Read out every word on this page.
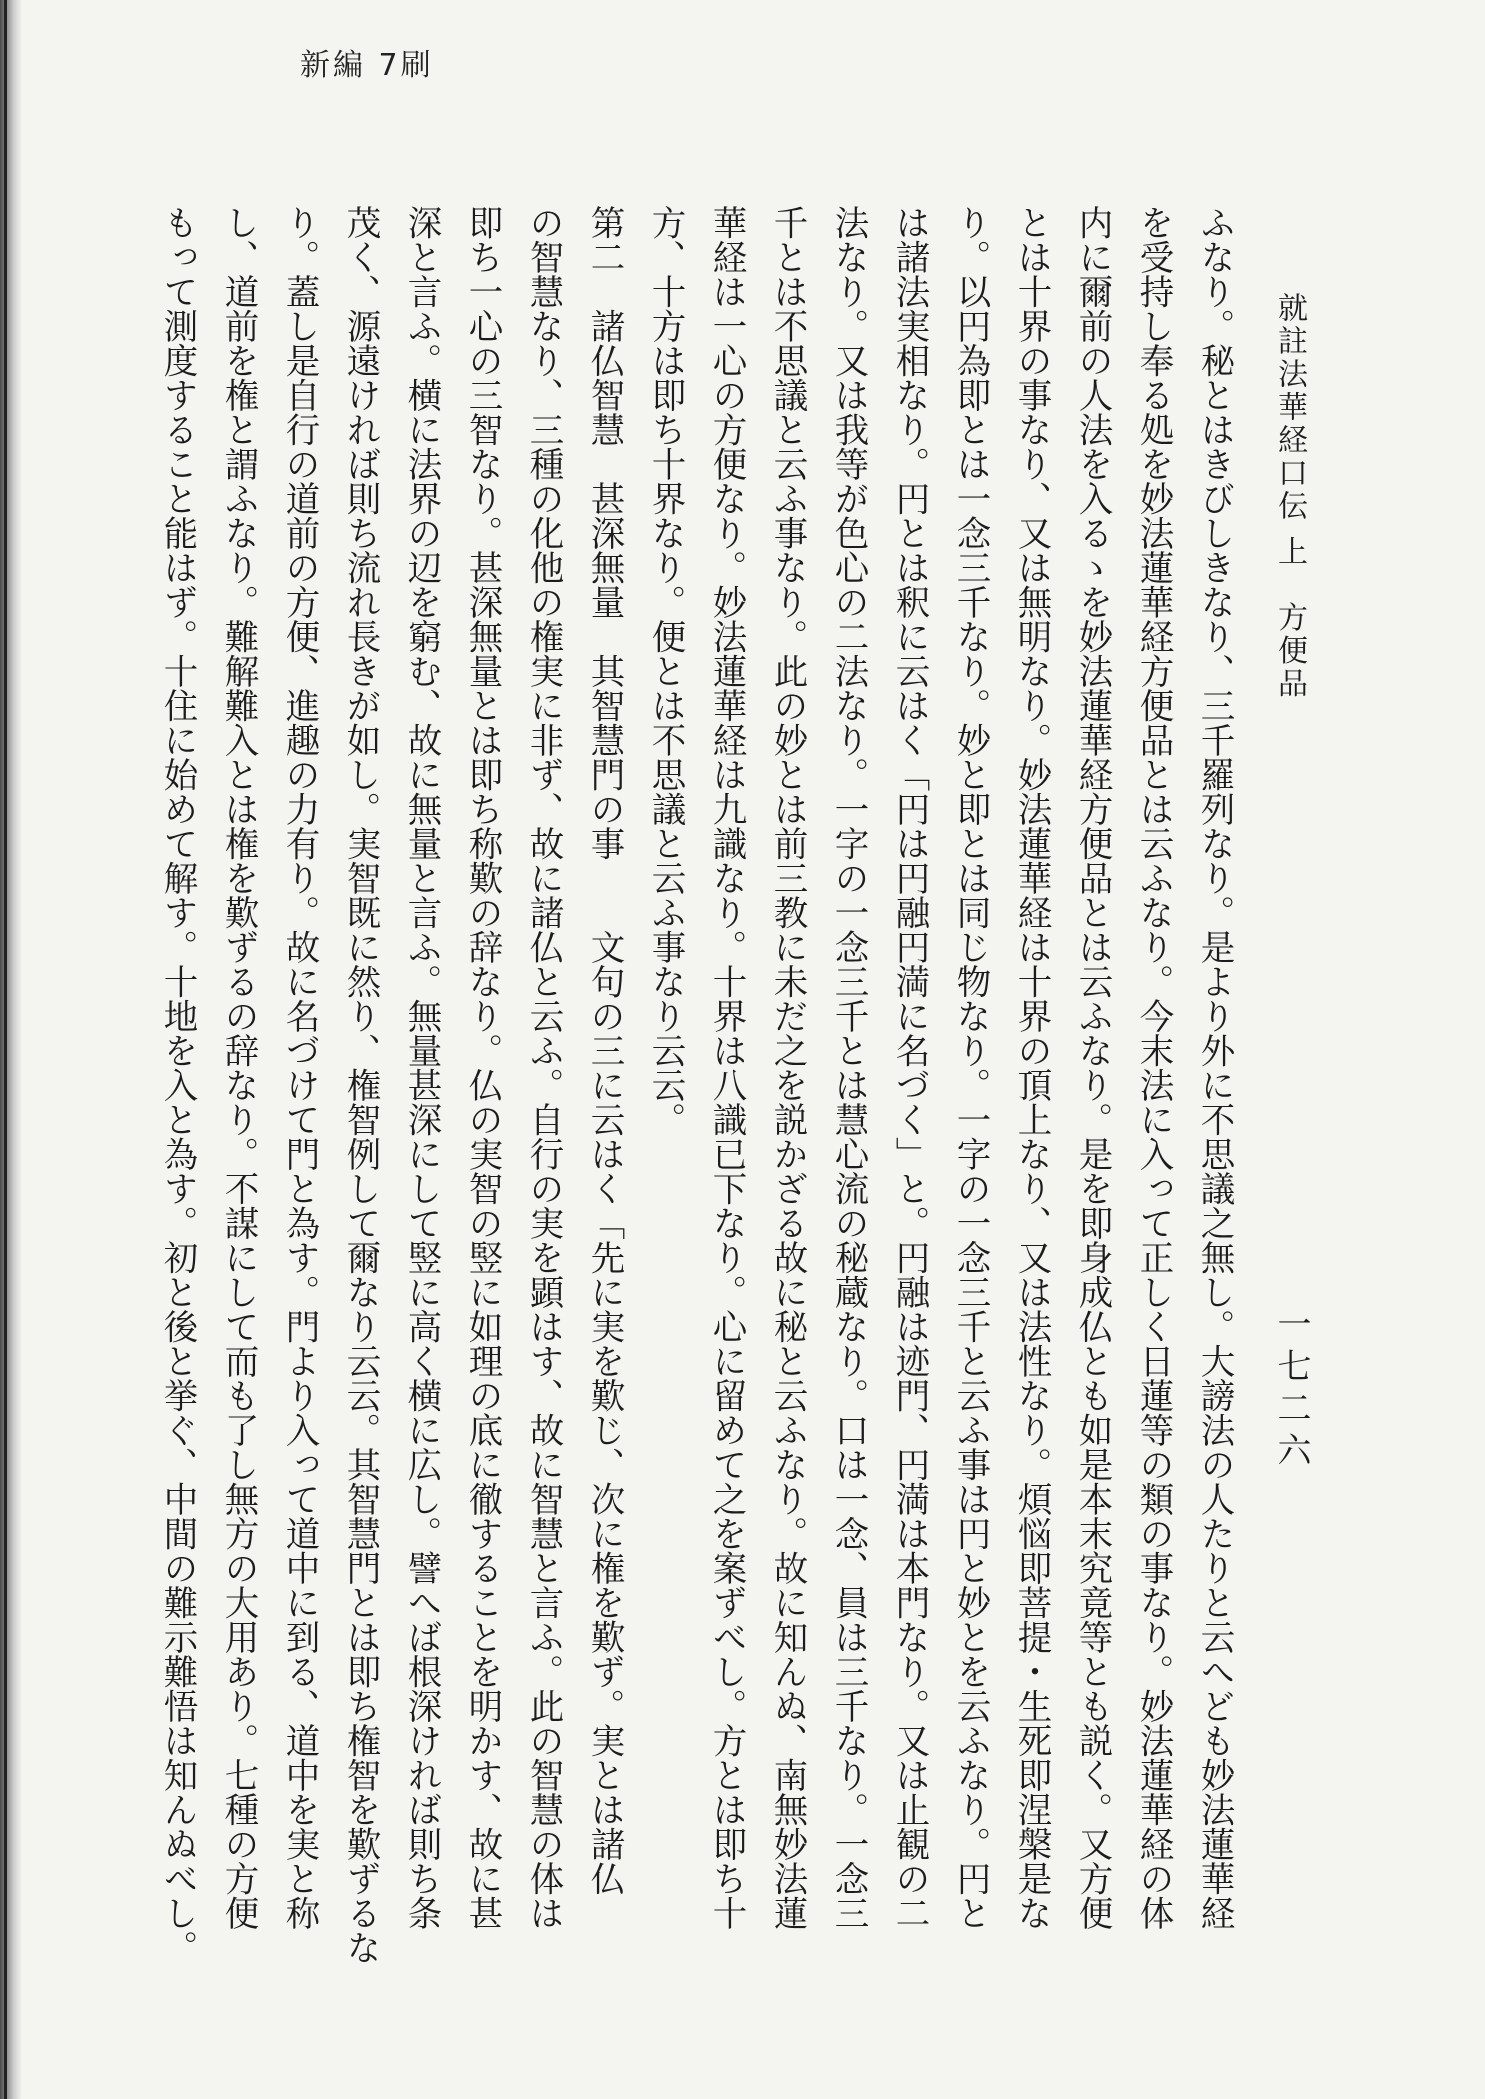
新編 7刷
就註法華経口伝 上　方便品
一七二六
ふなり。秘とはきびしきなり、三千羅列なり。是より外に不思議之無し。大謗法の人たりと云へども妙法蓮華経
を受持し奉る処を妙法蓮華経方便品とは云ふなり。今末法に入って正しく日蓮等の類の事なり。妙法蓮華経の体
内に爾前の人法を入るゝを妙法蓮華経方便品とは云ふなり。是を即身成仏とも如是本末究竟等とも説く。又方便
とは十界の事なり、又は無明なり。妙法蓮華経は十界の頂上なり、又は法性なり。煩悩即菩提・生死即涅槃是な
り。以円為即とは一念三千なり。妙と即とは同じ物なり。一字の一念三千と云ふ事は円と妙とを云ふなり。円と
は諸法実相なり。円とは釈に云はく「円は円融円満に名づく」と。円融は迹門、円満は本門なり。又は止観の二
法なり。又は我等が色心の二法なり。一字の一念三千とは慧心流の秘蔵なり。口は一念、員は三千なり。一念三
千とは不思議と云ふ事なり。此の妙とは前三教に未だ之を説かざる故に秘と云ふなり。故に知んぬ、南無妙法蓮
華経は一心の方便なり。妙法蓮華経は九識なり。十界は八識已下なり。心に留めて之を案ずべし。方とは即ち十
方、十方は即ち十界なり。便とは不思議と云ふ事なり云云。
第二　諸仏智慧　甚深無量　其智慧門の事　　文句の三に云はく「先に実を歎じ、次に権を歎ず。実とは諸仏
の智慧なり、三種の化他の権実に非ず、故に諸仏と云ふ。自行の実を顕はす、故に智慧と言ふ。此の智慧の体は
即ち一心の三智なり。甚深無量とは即ち称歎の辞なり。仏の実智の竪に如理の底に徹することを明かす、故に甚
深と言ふ。横に法界の辺を窮む、故に無量と言ふ。無量甚深にして竪に高く横に広し。譬へば根深ければ則ち条
茂く、源遠ければ則ち流れ長きが如し。実智既に然り、権智例して爾なり云云。其智慧門とは即ち権智を歎ずるな
り。蓋し是自行の道前の方便、進趣の力有り。故に名づけて門と為す。門より入って道中に到る、道中を実と称
し、道前を権と謂ふなり。難解難入とは権を歎ずるの辞なり。不謀にして而も了し無方の大用あり。七種の方便
もって測度すること能はず。十住に始めて解す。十地を入と為す。初と後と挙ぐ、中間の難示難悟は知んぬべし。
